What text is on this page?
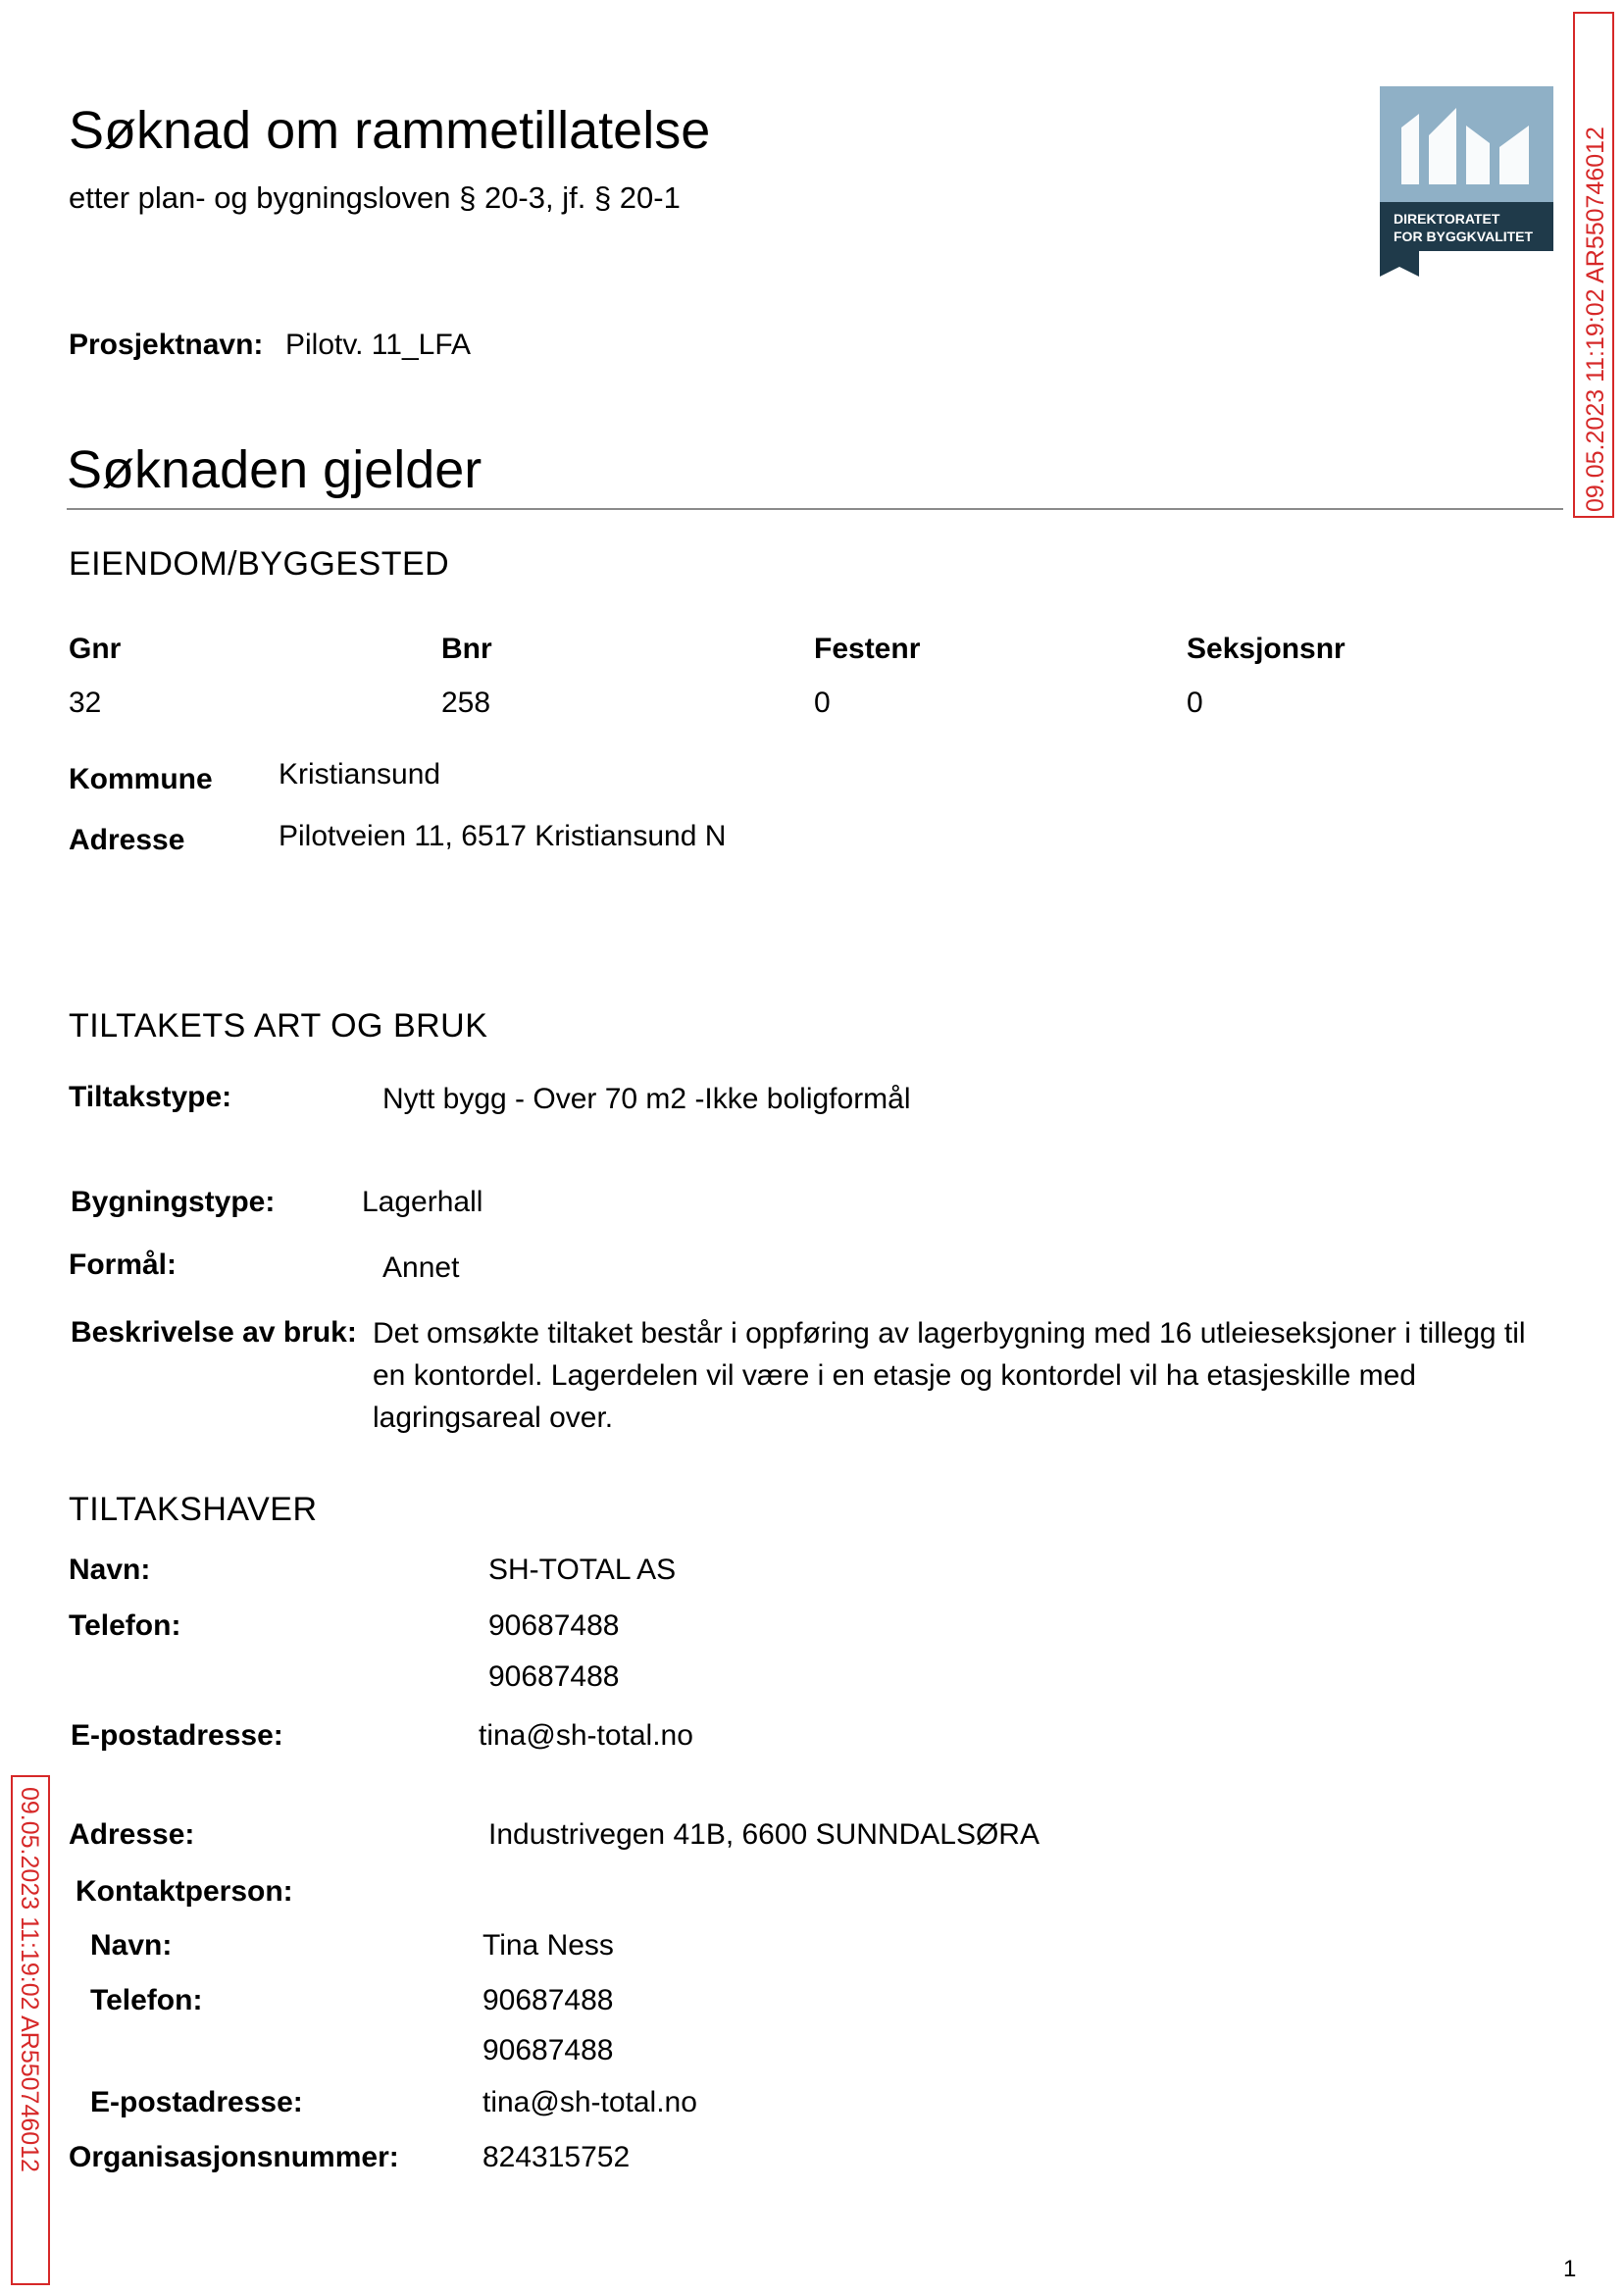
Søknad om rammetillatelse
etter plan- og bygningsloven § 20-3, jf. § 20-1
DIREKTORATET
FOR BYGGKVALITET 09.05.2023 11:19:02 AR550746012
09.05.2023 11:19:02 AR550746012
Prosjektnavn: Pilotv. 11_LFA
Søknaden gjelder
EIENDOM/BYGGESTED
Gnr	Bnr	Festenr	Seksjonsnr
32	258	0	0
Kommune Kristiansund
Adresse	Pilotveien 11, 6517 Kristiansund N
TILTAKETS ART OG BRUK
Tiltakstype:	Nytt bygg - Over 70 m2 -Ikke boligformål
Bygningstype:	Lagerhall
Formål:	Annet
Beskrivelse av bruk: Det omsøkte tiltaket består i oppføring av lagerbygning med 16 utleieseksjoner i tillegg til en kontordel. Lagerdelen vil være i en etasje og kontordel vil ha etasjeskille med lagringsareal over.
TILTAKSHAVER
Navn:	SH-TOTAL AS
Telefon:	90687488
90687488
E-postadresse:	tina@sh-total.no
Adresse:	Industrivegen 41B, 6600 SUNNDALSØRA
Kontaktperson:
Navn:	Tina Ness
Telefon:	90687488
90687488
E-postadresse:	tina@sh-total.no
Organisasjonsnummer:	824315752
1
